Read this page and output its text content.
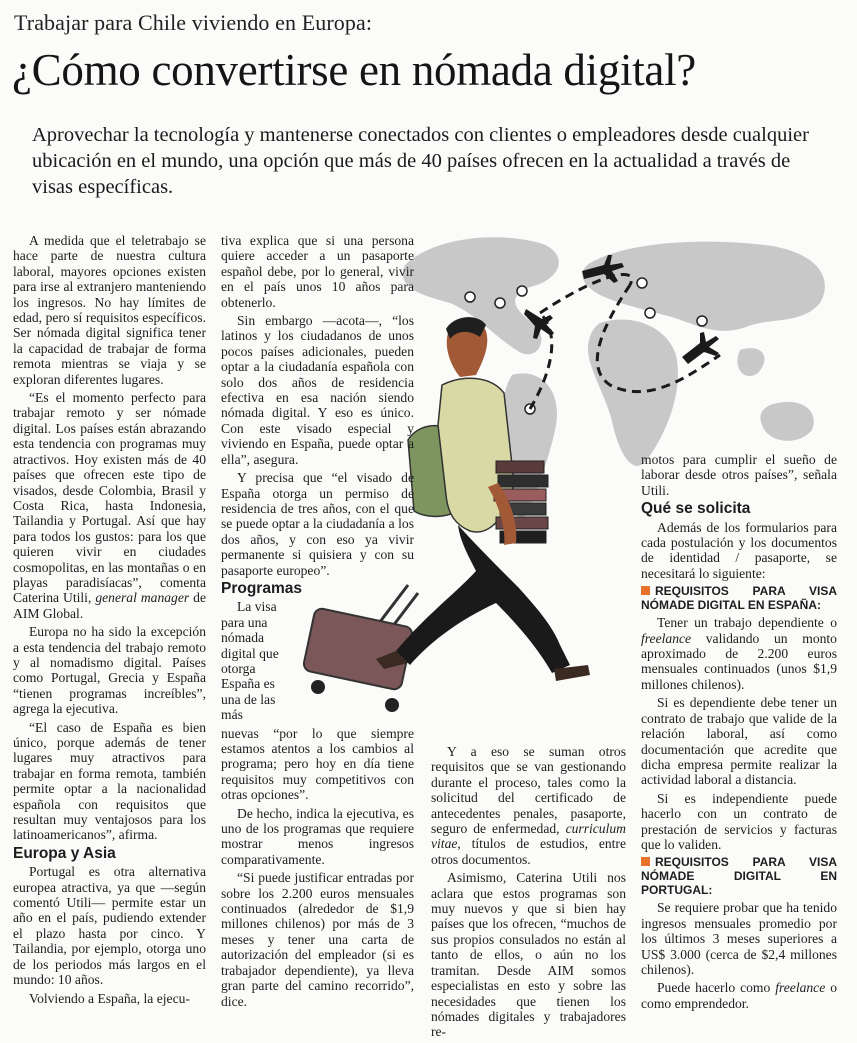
Trabajar para Chile viviendo en Europa:
¿Cómo convertirse en nómada digital?
Aprovechar la tecnología y mantenerse conectados con clientes o empleadores desde cualquier ubicación en el mundo, una opción que más de 40 países ofrecen en la actualidad a través de visas específicas.

A medida que el teletrabajo se hace parte de nuestra cultura laboral, mayores opciones existen para irse al extranjero manteniendo los ingresos. No hay límites de edad, pero sí requisitos específicos. Ser nómada digital significa tener la capacidad de trabajar de forma remota mientras se viaja y se exploran diferentes lugares.

“Es el momento perfecto para trabajar remoto y ser nómade digital. Los países están abrazando esta tendencia con programas muy atractivos. Hoy existen más de 40 países que ofrecen este tipo de visados, desde Colombia, Brasil y Costa Rica, hasta Indonesia, Tailandia y Portugal. Así que hay para todos los gustos: para los que quieren vivir en ciudades cosmopolitas, en las montañas o en playas paradisíacas”, comenta Caterina Utili, general manager de AIM Global.

Europa no ha sido la excepción a esta tendencia del trabajo remoto y al nomadismo digital. Países como Portugal, Grecia y España “tienen programas increíbles”, agrega la ejecutiva.

“El caso de España es bien único, porque además de tener lugares muy atractivos para trabajar en forma remota, también permite optar a la nacionalidad española con requisitos que resultan muy ventajosos para los latinoamericanos”, afirma.

Europa y Asia

Portugal es otra alternativa europea atractiva, ya que —según comentó Utili— permite estar un año en el país, pudiendo extender el plazo hasta por cinco. Y Tailandia, por ejemplo, otorga uno de los periodos más largos en el mundo: 10 años.

Volviendo a España, la ejecu-

tiva explica que si una persona quiere acceder a un pasaporte español debe, por lo general, vivir en el país unos 10 años para obtenerlo.

Sin embargo —acota—, “los latinos y los ciudadanos de unos pocos países adicionales, pueden optar a la ciudadanía española con solo dos años de residencia efectiva en esa nación siendo nómada digital. Y eso es único. Con este visado especial y viviendo en España, puede optar a ella”, asegura.

Y precisa que “el visado de España otorga un permiso de residencia de tres años, con el que se puede optar a la ciudadanía a los dos años, y con eso ya vivir permanente si quisiera y con su pasaporte europeo”.

Programas

La visa para una nómada digital que otorga España es una de las más

nuevas “por lo que siempre estamos atentos a los cambios al programa; pero hoy en día tiene requisitos muy competitivos con otras opciones”.

De hecho, indica la ejecutiva, es uno de los programas que requiere mostrar menos ingresos comparativamente.

“Si puede justificar entradas por sobre los 2.200 euros mensuales continuados (alrededor de $1,9 millones chilenos) por más de 3 meses y tener una carta de autorización del empleador (si es trabajador dependiente), ya lleva gran parte del camino recorrido”, dice.

Y a eso se suman otros requisitos que se van gestionando durante el proceso, tales como la solicitud del certificado de antecedentes penales, pasaporte, seguro de enfermedad, curriculum vitae, títulos de estudios, entre otros documentos.

Asimismo, Caterina Utili nos aclara que estos programas son muy nuevos y que si bien hay países que los ofrecen, “muchos de sus propios consulados no están al tanto de ellos, o aún no los tramitan. Desde AIM somos especialistas en esto y sobre las necesidades que tienen los nómades digitales y trabajadores re-

motos para cumplir el sueño de laborar desde otros países”, señala Utili.

Qué se solicita

Además de los formularios para cada postulación y los documentos de identidad / pasaporte, se necesitará lo siguiente:

REQUISITOS PARA VISA NÓMADE DIGITAL EN ESPAÑA:

Tener un trabajo dependiente o freelance validando un monto aproximado de 2.200 euros mensuales continuados (unos $1,9 millones chilenos).

Si es dependiente debe tener un contrato de trabajo que valide de la relación laboral, así como documentación que acredite que dicha empresa permite realizar la actividad laboral a distancia.

Si es independiente puede hacerlo con un contrato de prestación de servicios y facturas que lo validen.

REQUISITOS PARA VISA NÓMADE DIGITAL EN PORTUGAL:

Se requiere probar que ha tenido ingresos mensuales promedio por los últimos 3 meses superiores a US$ 3.000 (cerca de $2,4 millones chilenos).

Puede hacerlo como freelance o como emprendedor.
